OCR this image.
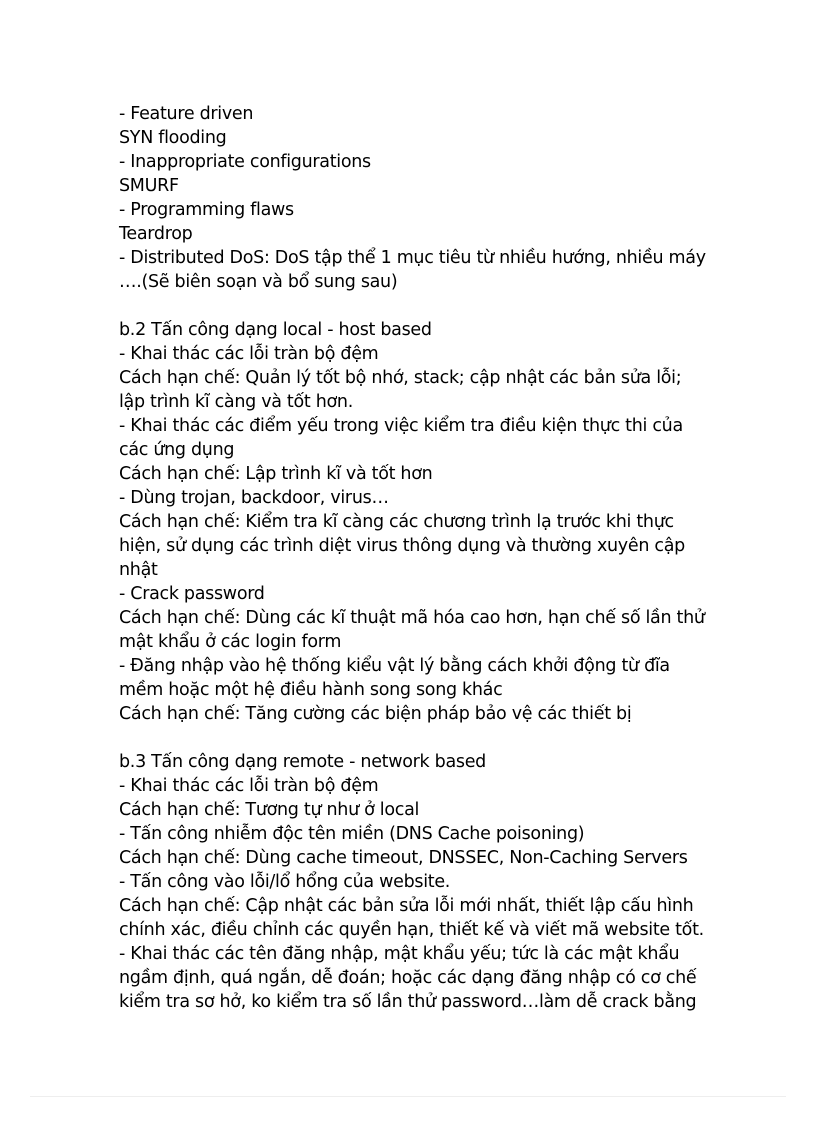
- Feature driven
SYN flooding
- Inappropriate configurations
SMURF
- Programming flaws
Teardrop
- Distributed DoS: DoS tập thể 1 mục tiêu từ nhiều hướng, nhiều máy
….(Sẽ biên soạn và bổ sung sau)
b.2 Tấn công dạng local - host based
- Khai thác các lỗi tràn bộ đệm
Cách hạn chế: Quản lý tốt bộ nhớ, stack; cập nhật các bản sửa lỗi;
lập trình kĩ càng và tốt hơn.
- Khai thác các điểm yếu trong việc kiểm tra điều kiện thực thi của
các ứng dụng
Cách hạn chế: Lập trình kĩ và tốt hơn
- Dùng trojan, backdoor, virus…
Cách hạn chế: Kiểm tra kĩ càng các chương trình lạ trước khi thực
hiện, sử dụng các trình diệt virus thông dụng và thường xuyên cập
nhật
- Crack password
Cách hạn chế: Dùng các kĩ thuật mã hóa cao hơn, hạn chế số lần thử
mật khẩu ở các login form
- Đăng nhập vào hệ thống kiểu vật lý bằng cách khởi động từ đĩa
mềm hoặc một hệ điều hành song song khác
Cách hạn chế: Tăng cường các biện pháp bảo vệ các thiết bị
b.3 Tấn công dạng remote - network based
- Khai thác các lỗi tràn bộ đệm
Cách hạn chế: Tương tự như ở local
- Tấn công nhiễm độc tên miền (DNS Cache poisoning)
Cách hạn chế: Dùng cache timeout, DNSSEC, Non-Caching Servers
- Tấn công vào lỗi/lổ hổng của website.
Cách hạn chế: Cập nhật các bản sửa lỗi mới nhất, thiết lập cấu hình
chính xác, điều chỉnh các quyền hạn, thiết kế và viết mã website tốt.
- Khai thác các tên đăng nhập, mật khẩu yếu; tức là các mật khẩu
ngầm định, quá ngắn, dễ đoán; hoặc các dạng đăng nhập có cơ chế
kiểm tra sơ hở, ko kiểm tra số lần thử password…làm dễ crack bằng
